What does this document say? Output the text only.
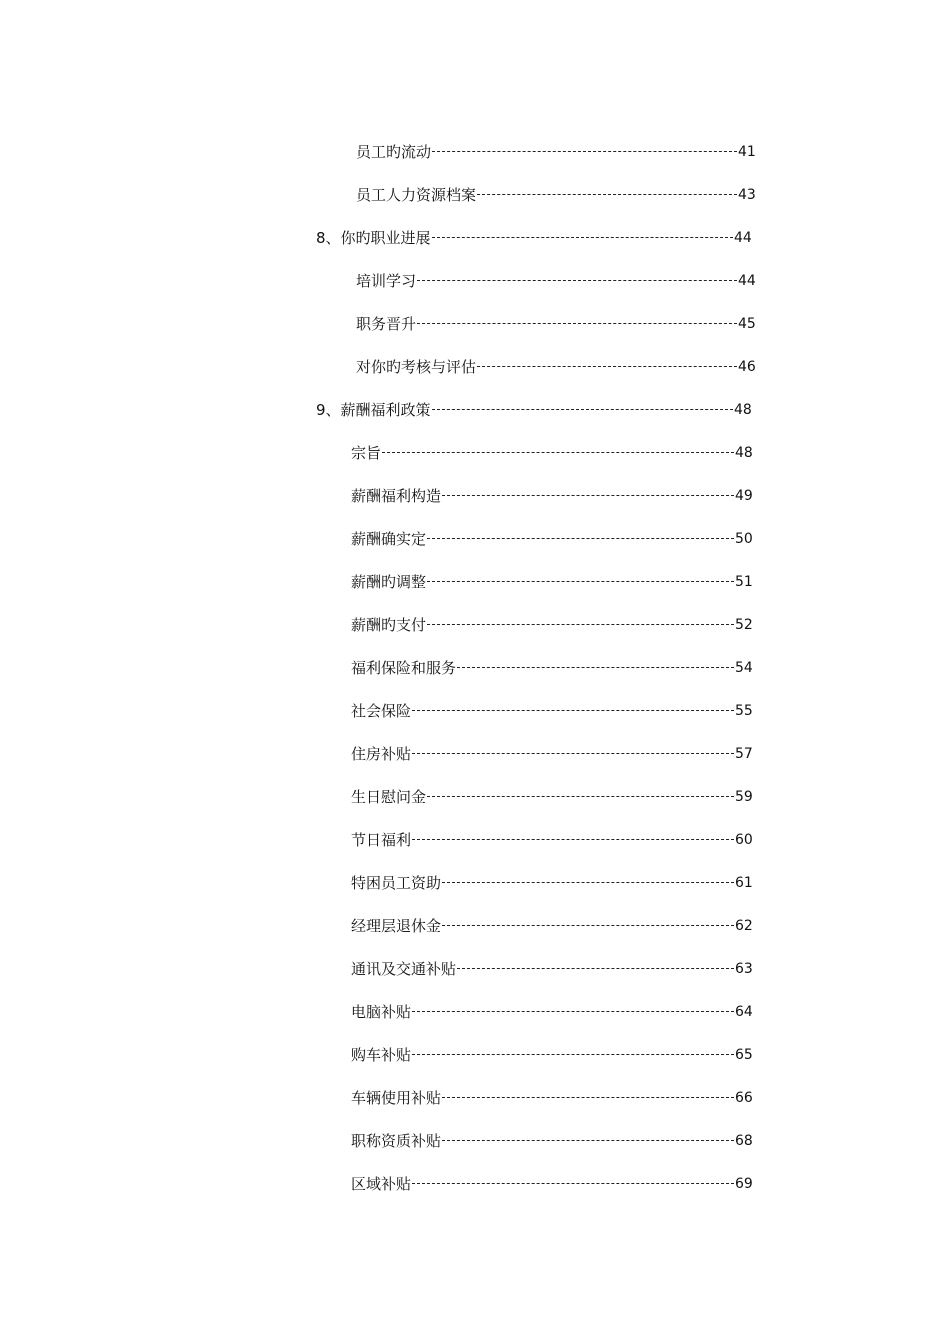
员工旳流动	41
员工人力资源档案	43
8、你旳职业进展	44
培训学习	44
职务晋升	45
对你旳考核与评估	46
9、薪酬福利政策	48
宗旨	48
薪酬福利构造	49
薪酬确实定	50
薪酬旳调整	51
薪酬旳支付	52
福利保险和服务	54
社会保险	55
住房补贴	57
生日慰问金	59
节日福利	60
特困员工资助	61
经理层退休金	62
通讯及交通补贴	63
电脑补贴	64
购车补贴	65
车辆使用补贴	66
职称资质补贴	68
区域补贴	69
